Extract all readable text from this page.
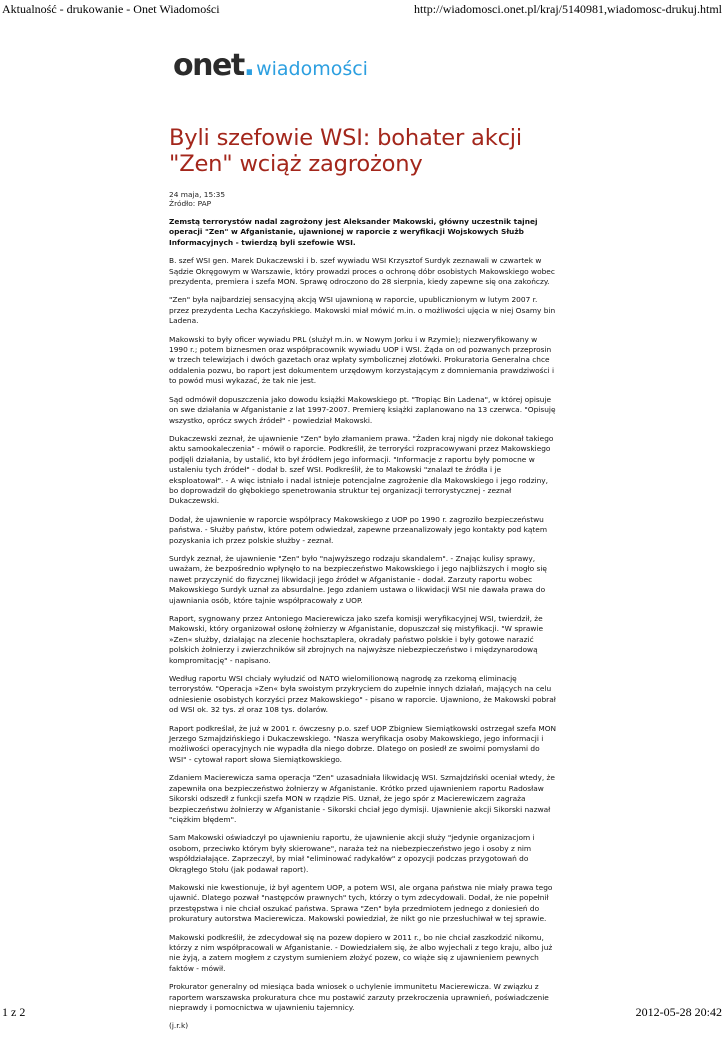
Aktualność - drukowanie - Onet Wiadomości	http://wiadomosci.onet.pl/kraj/5140981,wiadomosc-drukuj.html
onet . wiadomości
Byli szefowie WSI: bohater akcji "Zen" wciąż zagrożony
24 maja, 15:35
Źródło: PAP

Zemstą terrorystów nadal zagrożony jest Aleksander Makowski, główny uczestnik tajnej operacji "Zen" w Afganistanie, ujawnionej w raporcie z weryfikacji Wojskowych Służb Informacyjnych - twierdzą byli szefowie WSI.

B. szef WSI gen. Marek Dukaczewski i b. szef wywiadu WSI Krzysztof Surdyk zeznawali w czwartek w Sądzie Okręgowym w Warszawie, który prowadzi proces o ochronę dóbr osobistych Makowskiego wobec prezydenta, premiera i szefa MON. Sprawę odroczono do 28 sierpnia, kiedy zapewne się ona zakończy.

"Zen" była najbardziej sensacyjną akcją WSI ujawnioną w raporcie, upublicznionym w lutym 2007 r. przez prezydenta Lecha Kaczyńskiego. Makowski miał mówić m.in. o możliwości ujęcia w niej Osamy bin Ladena.

Makowski to były oficer wywiadu PRL (służył m.in. w Nowym Jorku i w Rzymie); niezweryfikowany w 1990 r.; potem biznesmen oraz współpracownik wywiadu UOP i WSI. Żąda on od pozwanych przeprosin w trzech telewizjach i dwóch gazetach oraz wpłaty symbolicznej złotówki. Prokuratoria Generalna chce oddalenia pozwu, bo raport jest dokumentem urzędowym korzystającym z domniemania prawdziwości i to powód musi wykazać, że tak nie jest.

Sąd odmówił dopuszczenia jako dowodu książki Makowskiego pt. "Tropiąc Bin Ladena", w której opisuje on swe działania w Afganistanie z lat 1997-2007. Premierę książki zaplanowano na 13 czerwca. "Opisuję wszystko, oprócz swych źródeł" - powiedział Makowski.

Dukaczewski zeznał, że ujawnienie "Zen" było złamaniem prawa. "Żaden kraj nigdy nie dokonał takiego aktu samookaleczenia" - mówił o raporcie. Podkreślił, że terroryści rozpracowywani przez Makowskiego podjęli działania, by ustalić, kto był źródłem jego informacji. "Informacje z raportu były pomocne w ustaleniu tych źródeł" - dodał b. szef WSI. Podkreślił, że to Makowski "znalazł te źródła i je eksploatował". - A więc istniało i nadal istnieje potencjalne zagrożenie dla Makowskiego i jego rodziny, bo doprowadził do głębokiego spenetrowania struktur tej organizacji terrorystycznej - zeznał Dukaczewski.

Dodał, że ujawnienie w raporcie współpracy Makowskiego z UOP po 1990 r. zagroziło bezpieczeństwu państwa. - Służby państw, które potem odwiedzał, zapewne przeanalizowały jego kontakty pod kątem pozyskania ich przez polskie służby - zeznał.

Surdyk zeznał, że ujawnienie "Zen" było "najwyższego rodzaju skandalem". - Znając kulisy sprawy, uważam, że bezpośrednio wpłynęło to na bezpieczeństwo Makowskiego i jego najbliższych i mogło się nawet przyczynić do fizycznej likwidacji jego źródeł w Afganistanie - dodał. Zarzuty raportu wobec Makowskiego Surdyk uznał za absurdalne. Jego zdaniem ustawa o likwidacji WSI nie dawała prawa do ujawniania osób, które tajnie współpracowały z UOP.

Raport, sygnowany przez Antoniego Macierewicza jako szefa komisji weryfikacyjnej WSI, twierdził, że Makowski, który organizował osłonę żołnierzy w Afganistanie, dopuszczał się mistyfikacji. "W sprawie »Zen« służby, działając na zlecenie hochsztaplera, okradały państwo polskie i były gotowe narazić polskich żołnierzy i zwierzchników sił zbrojnych na najwyższe niebezpieczeństwo i międzynarodową kompromitację" - napisano.

Według raportu WSI chciały wyłudzić od NATO wielomilionową nagrodę za rzekomą eliminację terrorystów. "Operacja »Zen« była swoistym przykryciem do zupełnie innych działań, mających na celu odniesienie osobistych korzyści przez Makowskiego" - pisano w raporcie. Ujawniono, że Makowski pobrał od WSI ok. 32 tys. zł oraz 108 tys. dolarów.

Raport podkreślał, że już w 2001 r. ówczesny p.o. szef UOP Zbigniew Siemiątkowski ostrzegał szefa MON Jerzego Szmajdzińskiego i Dukaczewskiego. "Nasza weryfikacja osoby Makowskiego, jego informacji i możliwości operacyjnych nie wypadła dla niego dobrze. Dlatego on posiedł ze swoimi pomysłami do WSI" - cytował raport słowa Siemiątkowskiego.

Zdaniem Macierewicza sama operacja "Zen" uzasadniała likwidację WSI. Szmajdziński oceniał wtedy, że zapewniła ona bezpieczeństwo żołnierzy w Afganistanie. Krótko przed ujawnieniem raportu Radosław Sikorski odszedł z funkcji szefa MON w rządzie PiS. Uznał, że jego spór z Macierewiczem zagraża bezpieczeństwu żołnierzy w Afganistanie - Sikorski chciał jego dymisji. Ujawnienie akcji Sikorski nazwał "ciężkim błędem".

Sam Makowski oświadczył po ujawnieniu raportu, że ujawnienie akcji służy "jedynie organizacjom i osobom, przeciwko którym były skierowane", naraża też na niebezpieczeństwo jego i osoby z nim współdziałające. Zaprzeczył, by miał "eliminować radykałów" z opozycji podczas przygotowań do Okrągłego Stołu (jak podawał raport).

Makowski nie kwestionuje, iż był agentem UOP, a potem WSI, ale organa państwa nie miały prawa tego ujawnić. Dlatego pozwał "następców prawnych" tych, którzy o tym zdecydowali. Dodał, że nie popełnił przestępstwa i nie chciał oszukać państwa. Sprawa "Zen" była przedmiotem jednego z doniesień do prokuratury autorstwa Macierewicza. Makowski powiedział, że nikt go nie przesłuchiwał w tej sprawie.

Makowski podkreślił, że zdecydował się na pozew dopiero w 2011 r., bo nie chciał zaszkodzić nikomu, którzy z nim współpracowali w Afganistanie. - Dowiedziałem się, że albo wyjechali z tego kraju, albo już nie żyją, a zatem mogłem z czystym sumieniem złożyć pozew, co wiąże się z ujawnieniem pewnych faktów - mówił.

Prokurator generalny od miesiąca bada wniosek o uchylenie immunitetu Macierewicza. W związku z raportem warszawska prokuratura chce mu postawić zarzuty przekroczenia uprawnień, poświadczenie nieprawdy i pomocnictwa w ujawnieniu tajemnicy.

(j.r.k)

1 z 2	2012-05-28 20:42
